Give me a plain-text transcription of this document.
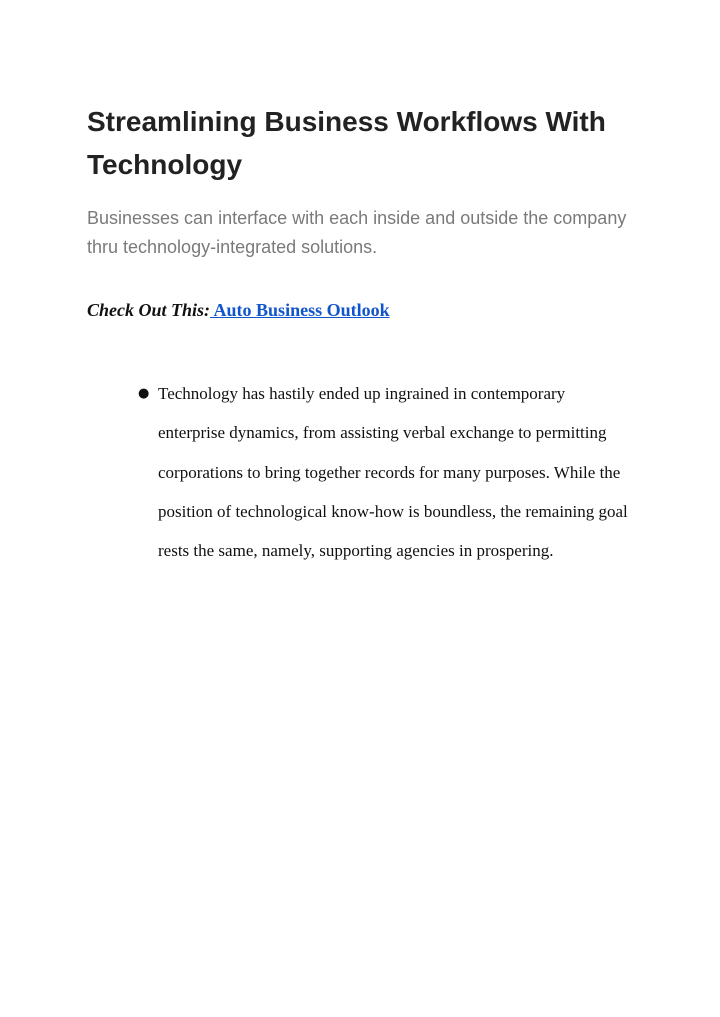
Streamlining Business Workflows With Technology

Businesses can interface with each inside and outside the company thru technology-integrated solutions.

Check Out This: Auto Business Outlook

● Technology has hastily ended up ingrained in contemporary enterprise dynamics, from assisting verbal exchange to permitting corporations to bring together records for many purposes. While the position of technological know-how is boundless, the remaining goal rests the same, namely, supporting agencies in prospering.
